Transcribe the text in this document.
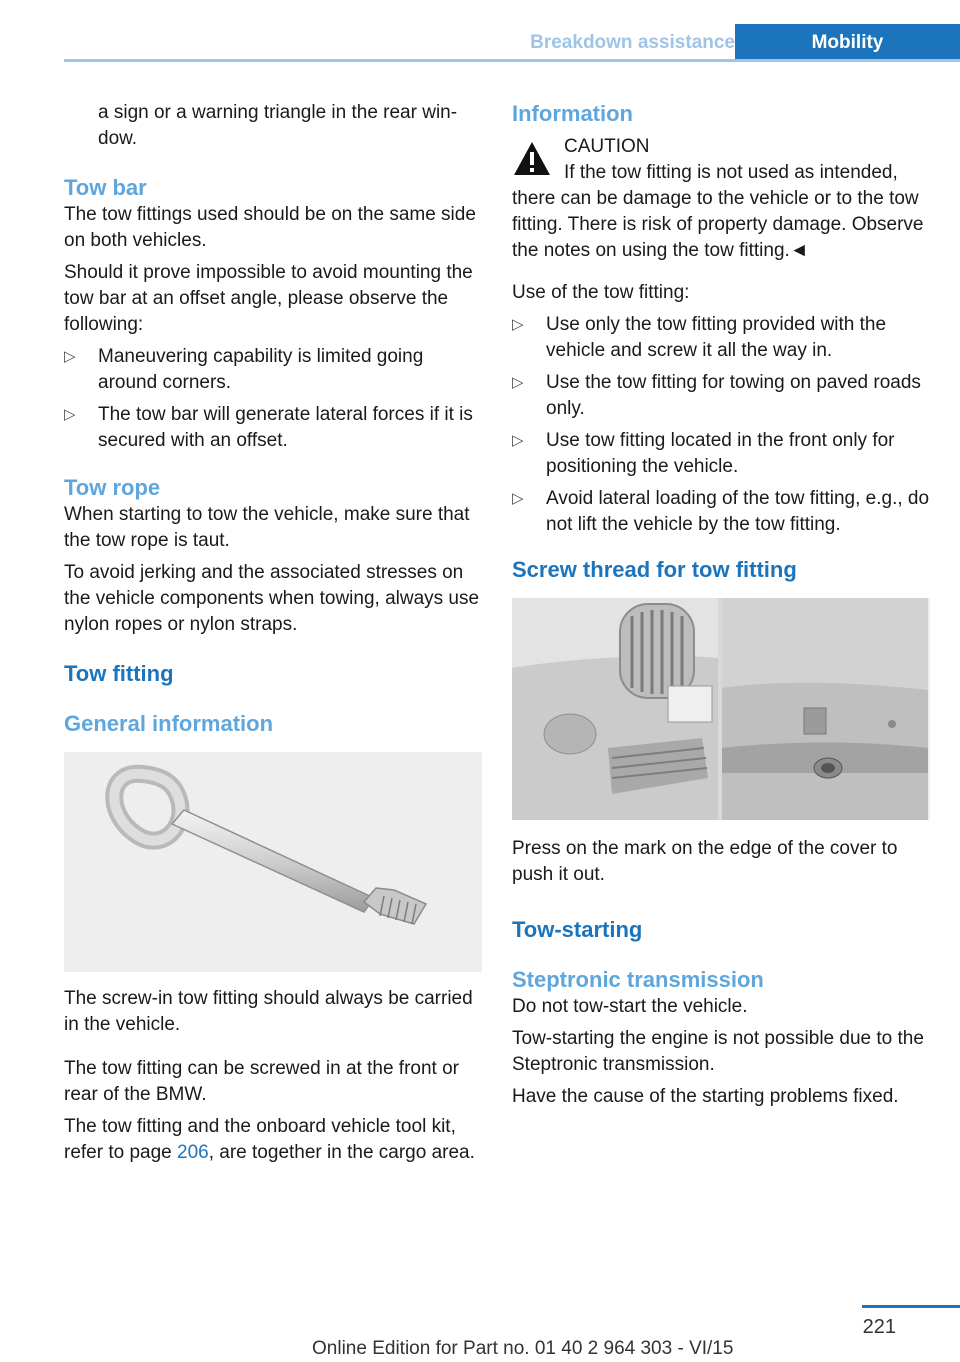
Breakdown assistance	Mobility

a sign or a warning triangle in the rear window.

Tow bar

The tow fittings used should be on the same side on both vehicles.

Should it prove impossible to avoid mounting the tow bar at an offset angle, please observe the following:

▷ Maneuvering capability is limited going around corners.
▷ The tow bar will generate lateral forces if it is secured with an offset.
Tow rope

When starting to tow the vehicle, make sure that the tow rope is taut.

To avoid jerking and the associated stresses on the vehicle components when towing, always use nylon ropes or nylon straps.

Tow fitting
General information

The screw-in tow fitting should always be carried in the vehicle.

The tow fitting can be screwed in at the front or rear of the BMW.

The tow fitting and the onboard vehicle tool kit, refer to page 206, are together in the cargo area.

Information
CAUTION

If the tow fitting is not used as intended, there can be damage to the vehicle or to the tow fitting. There is risk of property damage. Observe the notes on using the tow fitting.◄

Use of the tow fitting:

▷ Use only the tow fitting provided with the vehicle and screw it all the way in.
▷ Use the tow fitting for towing on paved roads only.
▷ Use tow fitting located in the front only for positioning the vehicle.
▷ Avoid lateral loading of the tow fitting, e.g., do not lift the vehicle by the tow fitting.
Screw thread for tow fitting

Press on the mark on the edge of the cover to push it out.

Tow-starting
Steptronic transmission

Do not tow-start the vehicle.

Tow-starting the engine is not possible due to the Steptronic transmission.

Have the cause of the starting problems fixed.

221
Online Edition for Part no. 01 40 2 964 303 - VI/15
